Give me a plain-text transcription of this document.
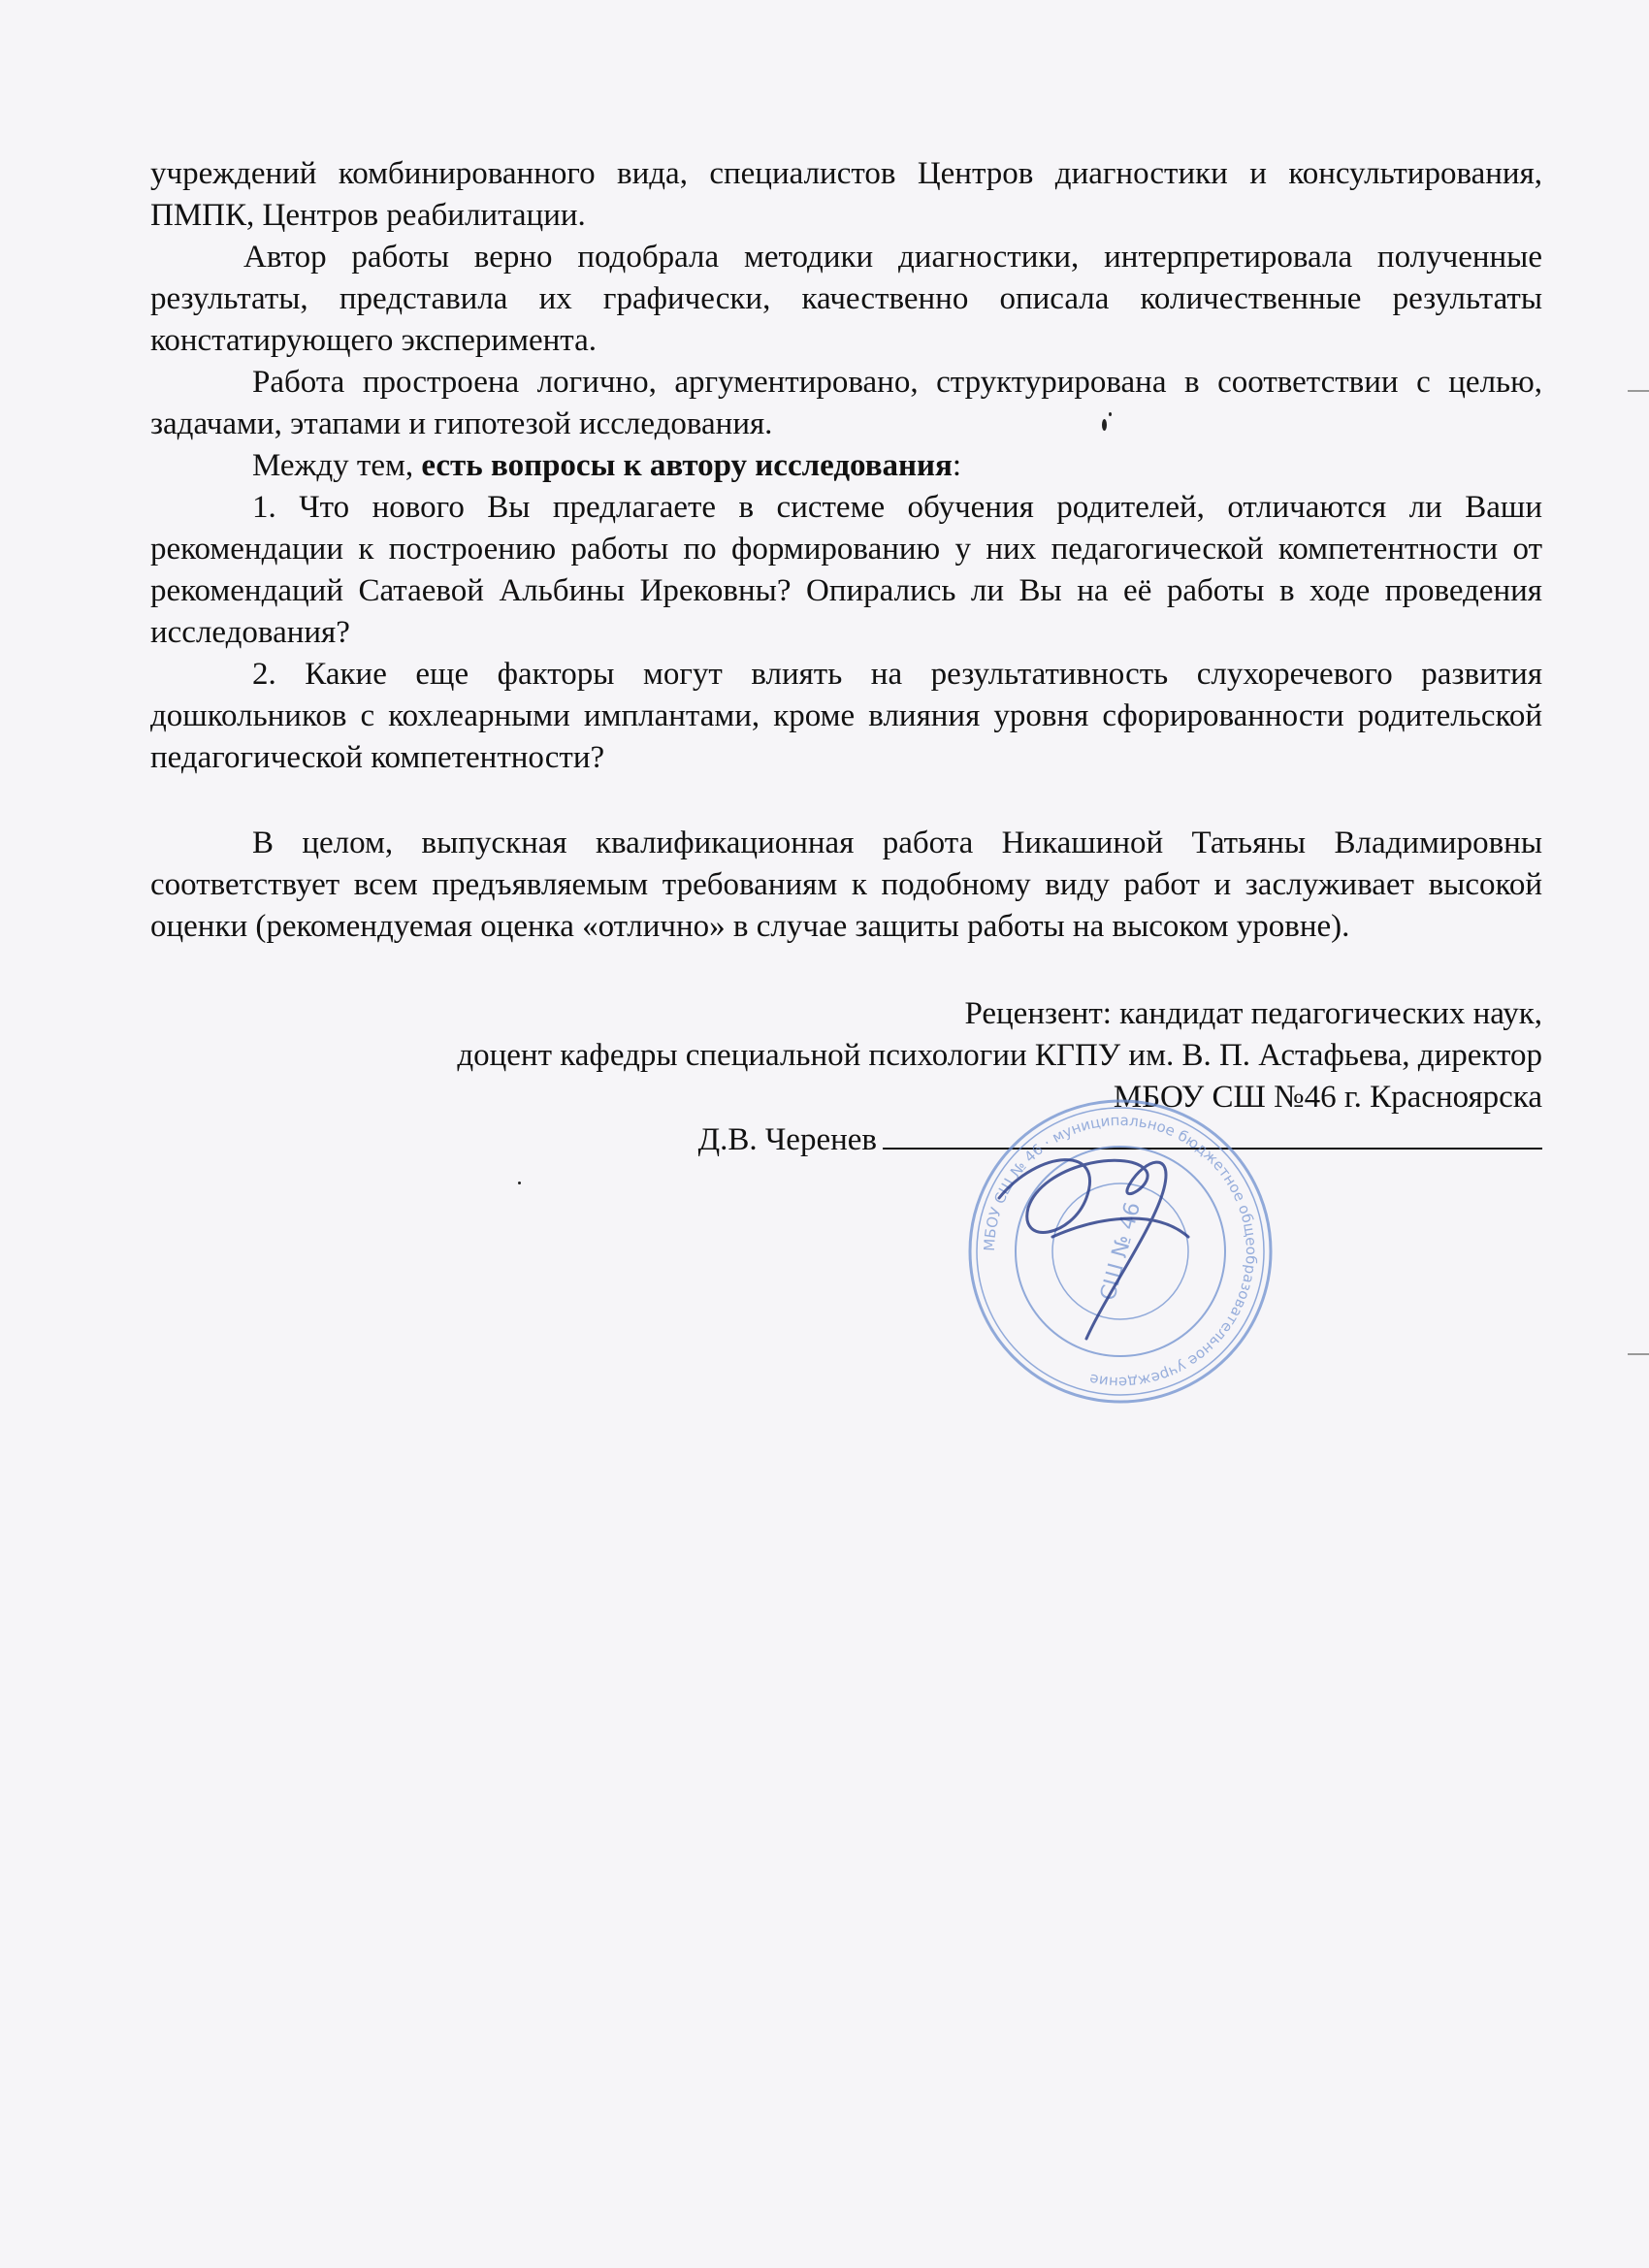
учреждений комбинированного вида, специалистов Центров диагностики и консультирования, ПМПК, Центров реабилитации.

Автор работы верно подобрала методики диагностики, интерпретировала полученные результаты, представила их графически, качественно описала количественные результаты констатирующего эксперимента.

Работа простроена логично, аргументировано, структурирована в соответствии с целью, задачами, этапами и гипотезой исследования.

Между тем, есть вопросы к автору исследования:

1. Что нового Вы предлагаете в системе обучения родителей, отличаются ли Ваши рекомендации к построению работы по формированию у них педагогической компетентности от рекомендаций Сатаевой Альбины Ирековны? Опирались ли Вы на её работы в ходе проведения исследования?

2. Какие еще факторы могут влиять на результативность слухоречевого развития дошкольников с кохлеарными имплантами, кроме влияния уровня сфорированности родительской педагогической компетентности?

В целом, выпускная квалификационная работа Никашиной Татьяны Владимировны соответствует всем предъявляемым требованиям к подобному виду работ и заслуживает высокой оценки (рекомендуемая оценка «отлично» в случае защиты работы на высоком уровне).

Рецензент: кандидат педагогических наук,
доцент кафедры специальной психологии КГПУ им. В. П. Астафьева, директор
МБОУ СШ №46 г. Красноярска
Д.В. Черенев
МБОУ СШ № 46 · муниципальное бюджетное общеобразовательное учреждение
СШ № 46
